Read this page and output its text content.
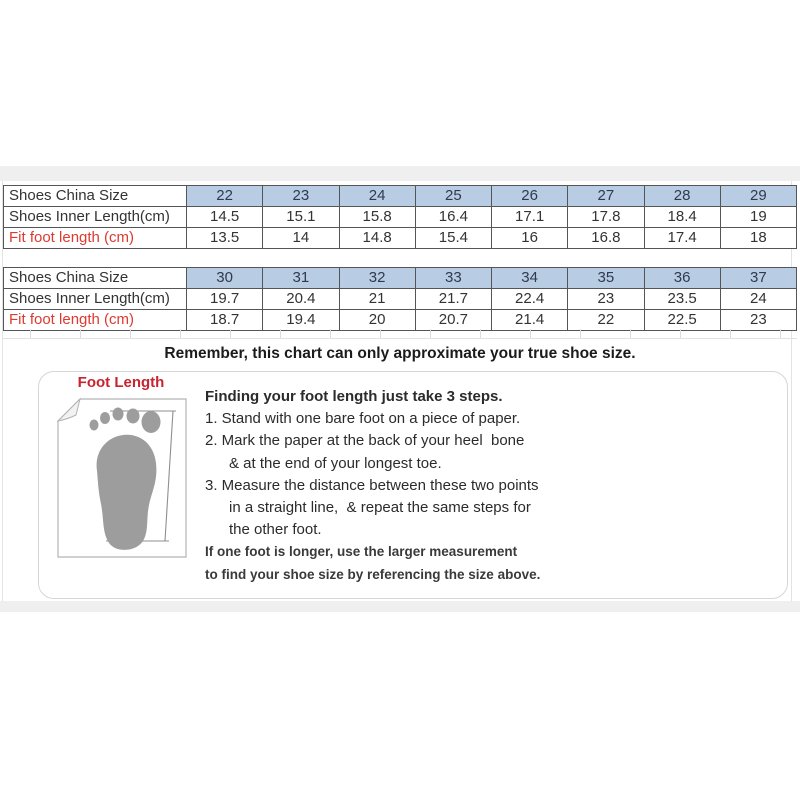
Shoes China Size	22	23	24	25	26	27	28	29
Shoes Inner Length(cm)	14.5	15.1	15.8	16.4	17.1	17.8	18.4	19
Fit foot length (cm)	13.5	14	14.8	15.4	16	16.8	17.4	18
Shoes China Size	30	31	32	33	34	35	36	37
Shoes Inner Length(cm)	19.7	20.4	21	21.7	22.4	23	23.5	24
Fit foot length (cm)	18.7	19.4	20	20.7	21.4	22	22.5	23
Remember, this chart can only approximate your true shoe size.
Foot Length
Finding your foot length just take 3 steps.
1. Stand with one bare foot on a piece of paper.
2. Mark the paper at the back of your heel  bone
& at the end of your longest toe.
3. Measure the distance between these two points
in a straight line,  & repeat the same steps for
the other foot.
If one foot is longer, use the larger measurement
to find your shoe size by referencing the size above.
